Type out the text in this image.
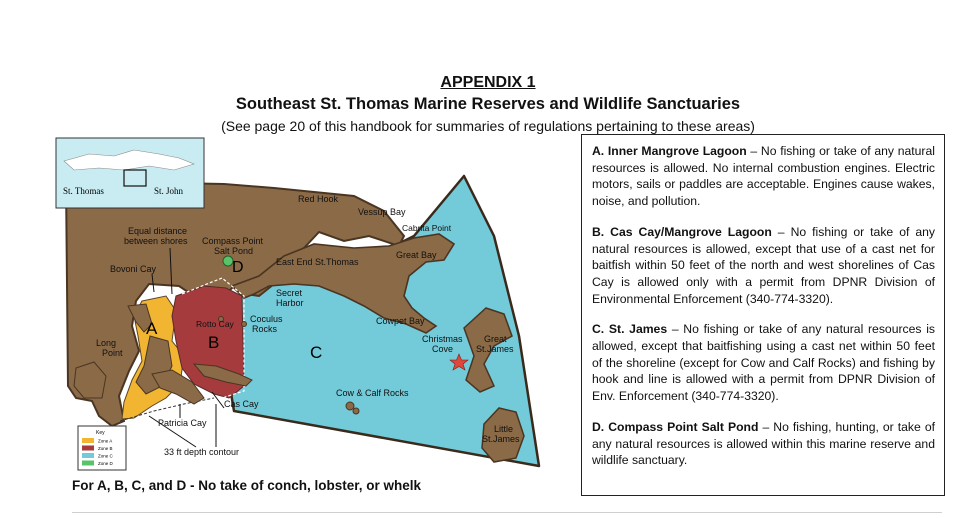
APPENDIX 1
Southeast St. Thomas Marine Reserves and Wildlife Sanctuaries
(See page 20 of this handbook for summaries of regulations pertaining to these areas)
St. Thomas	St. John
A
B
C
D
Red Hook
Vessup Bay
Cabrita Point
Great Bay
East End St.Thomas
Equal distance
between shores Compass Point
Salt Pond
Bovoni Cay
Secret
Harbor
Rotto Cay Coculus
Rocks
Cowpet Bay
Christmas
Cove
Great
St.James
Long
Point
Cow & Calf Rocks
Cas Cay
Patricia Cay
Little
St.James
33 ft depth contour
Key
Zone A
Zone B
Zone C
Zone D
For A, B, C, and D - No take of conch, lobster, or whelk

A. Inner Mangrove Lagoon – No fishing or take of any natural resources is allowed. No internal combustion engines. Electric motors, sails or paddles are acceptable. Engines cause wakes, noise, and pollution.

B. Cas Cay/Mangrove Lagoon – No fishing or take of any natural resources is allowed, except that use of a cast net for baitfish within 50 feet of the north and west shorelines of Cas Cay is allowed only with a permit from DPNR Division of Environmental Enforcement (340-774-3320).

C. St. James – No fishing or take of any natural resources is allowed, except that baitfishing using a cast net within 50 feet of the shoreline (except for Cow and Calf Rocks) and fishing by hook and line is allowed with a permit from DPNR Division of Env. Enforcement (340-774-3320).

D. Compass Point Salt Pond – No fishing, hunting, or take of any natural resources is allowed within this marine reserve and wildlife sanctuary.
